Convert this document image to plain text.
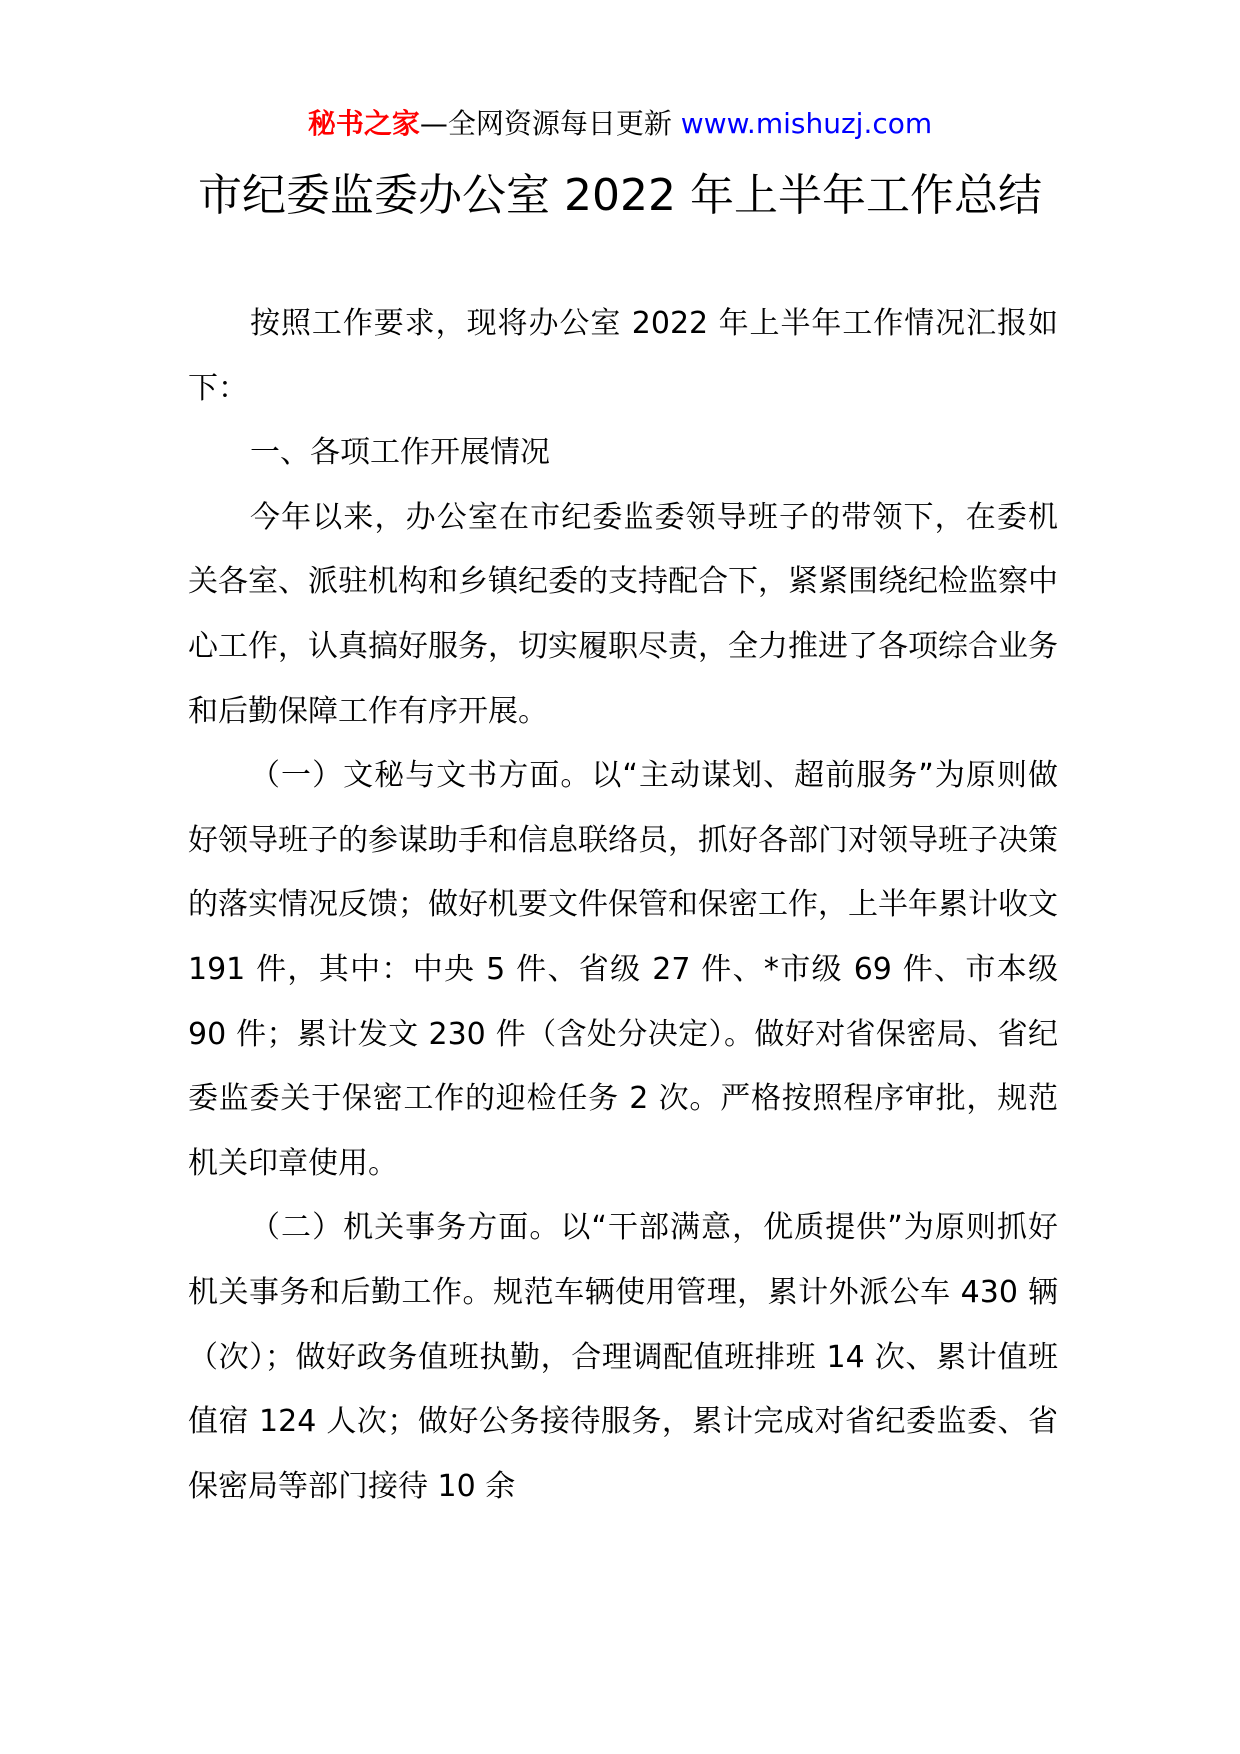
秘书之家—全网资源每日更新 www.mishuzj.com
市纪委监委办公室 2022 年上半年工作总结

按照工作要求，现将办公室 2022 年上半年工作情况汇报如下：

一、各项工作开展情况

今年以来，办公室在市纪委监委领导班子的带领下，在委机关各室、派驻机构和乡镇纪委的支持配合下，紧紧围绕纪检监察中心工作，认真搞好服务，切实履职尽责，全力推进了各项综合业务和后勤保障工作有序开展。

（一）文秘与文书方面。以“主动谋划、超前服务”为原则做好领导班子的参谋助手和信息联络员，抓好各部门对领导班子决策的落实情况反馈；做好机要文件保管和保密工作，上半年累计收文 191 件，其中：中央 5 件、省级 27 件、*市级 69 件、市本级 90 件；累计发文 230 件（含处分决定）。做好对省保密局、省纪委监委关于保密工作的迎检任务 2 次。严格按照程序审批，规范机关印章使用。

（二）机关事务方面。以“干部满意，优质提供”为原则抓好机关事务和后勤工作。规范车辆使用管理，累计外派公车 430 辆（次）；做好政务值班执勤，合理调配值班排班 14 次、累计值班值宿 124 人次；做好公务接待服务，累计完成对省纪委监委、省保密局等部门接待 10 余
